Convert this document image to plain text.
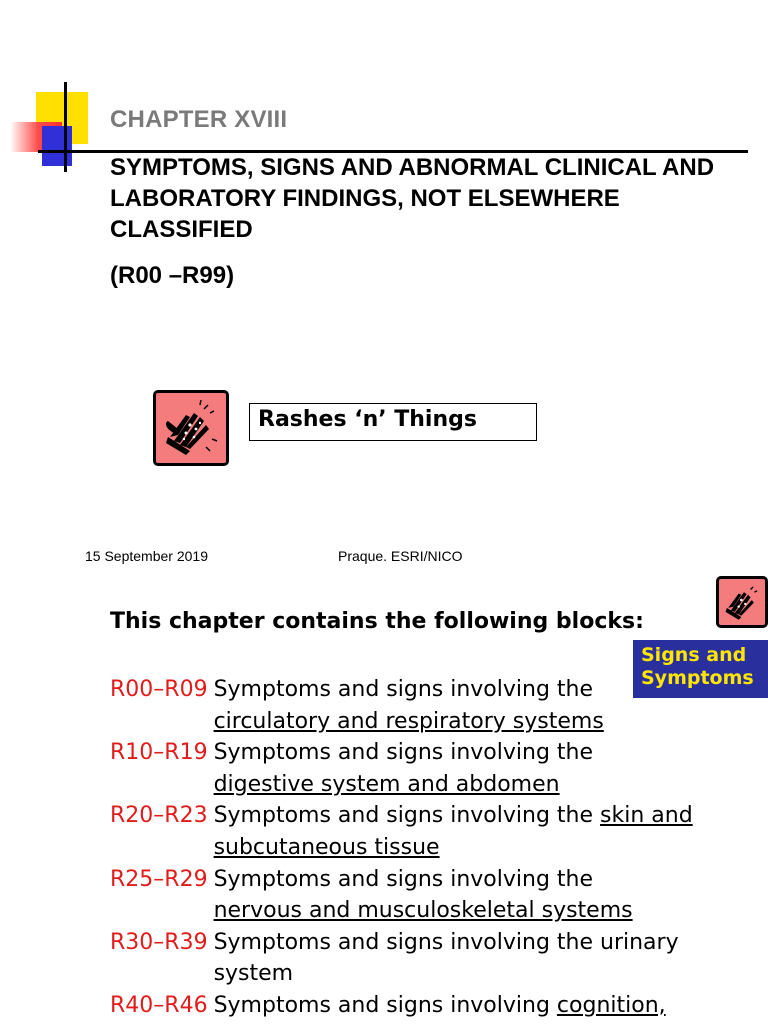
CHAPTER XVIII
SYMPTOMS, SIGNS AND ABNORMAL CLINICAL AND LABORATORY FINDINGS, NOT ELSEWHERE CLASSIFIED
(R00 –R99)
Rashes ‘n’ Things
15 September 2019	Praque. ESRI/NICO
This chapter contains the following blocks:
Signs and
Symptoms
R00–R09 Symptoms and signs involving the
circulatory and respiratory systems
R10–R19 Symptoms and signs involving the
digestive system and abdomen
R20–R23 Symptoms and signs involving the skin and subcutaneous tissue
R25–R29 Symptoms and signs involving the
nervous and musculoskeletal systems
R30–R39 Symptoms and signs involving the urinary system
R40–R46 Symptoms and signs involving cognition,
